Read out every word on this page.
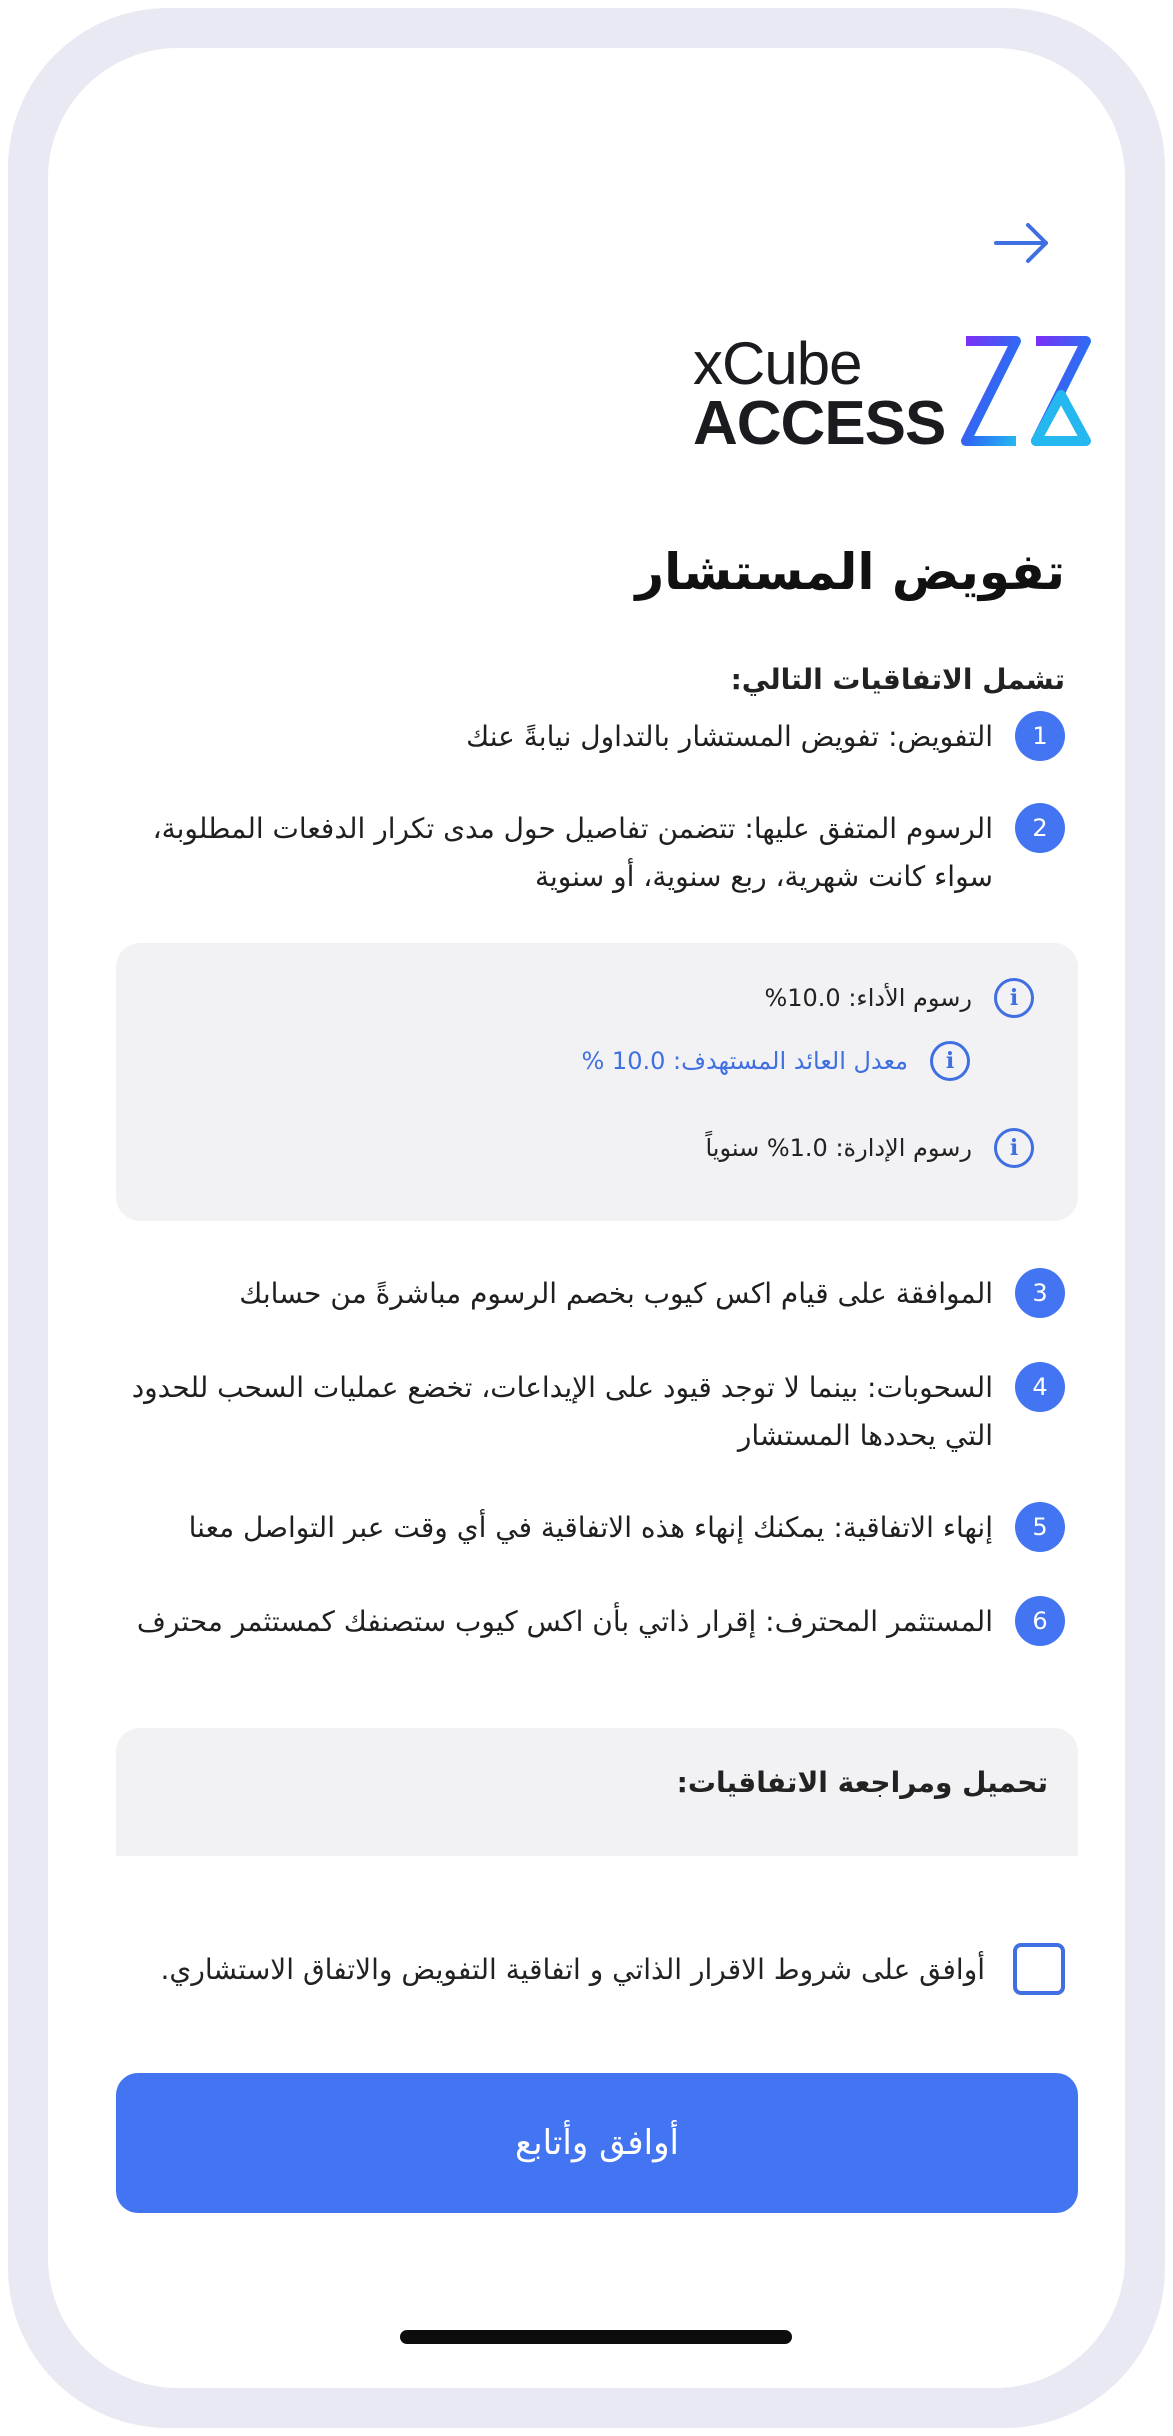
xCube
ACCESS
تفويض المستشار
تشمل الاتفاقيات التالي:
1
التفويض: تفويض المستشار بالتداول نيابةً عنك
2
الرسوم المتفق عليها: تتضمن تفاصيل حول مدى تكرار الدفعات المطلوبة، سواء كانت شهرية، ربع سنوية، أو سنوية
i
رسوم الأداء: 10.0%
i
معدل العائد المستهدف: 10.0 %
i
رسوم الإدارة: 1.0% سنوياً
3
الموافقة على قيام اكس كيوب بخصم الرسوم مباشرةً من حسابك
4
السحوبات: بينما لا توجد قيود على الإيداعات، تخضع عمليات السحب للحدود التي يحددها المستشار
5
إنهاء الاتفاقية: يمكنك إنهاء هذه الاتفاقية في أي وقت عبر التواصل معنا
6
المستثمر المحترف: إقرار ذاتي بأن اكس كيوب ستصنفك كمستثمر محترف
تحميل ومراجعة الاتفاقيات:
أوافق على شروط الاقرار الذاتي و اتفاقية التفويض والاتفاق الاستشاري.
أوافق وأتابع
